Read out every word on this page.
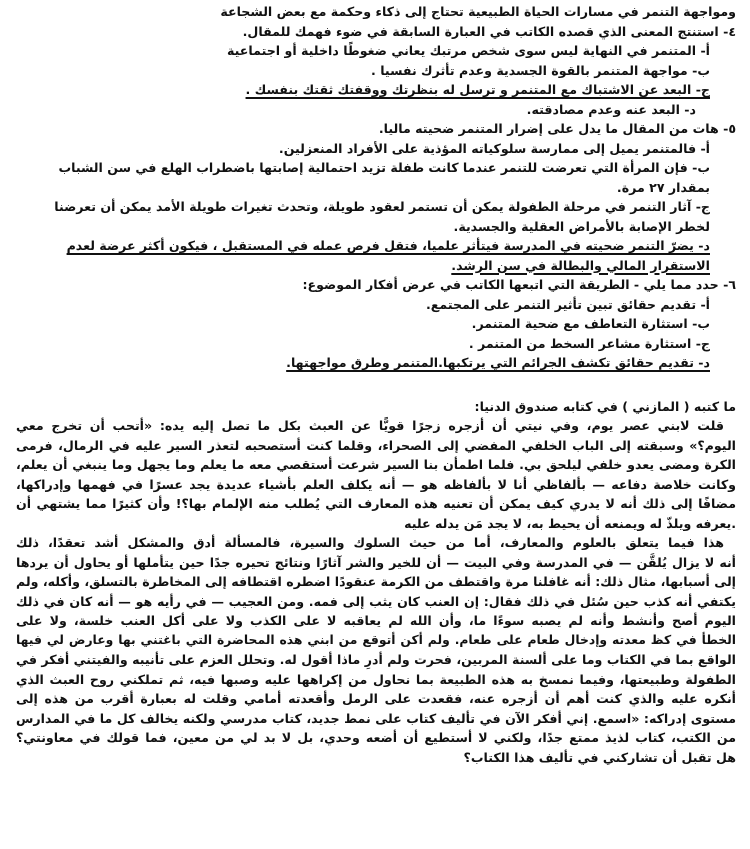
ومواجهة التنمر في مسارات الحياة الطبيعية تحتاج إلى ذكاء وحكمة مع بعض الشجاعة
٤- استنتج المعنى الذي قصده الكاتب في العبارة السابقة في ضوء فهمك للمقال.
أ- المتنمر في النهاية ليس سوى شخص مرتبك يعاني ضغوطًا داخلية أو اجتماعية
ب- مواجهة المتنمر بالقوة الجسدية وعدم تأثرك نفسيا .
ج- البعد عن الاشتباك مع المتنمر و ترسل له بنظرتك ووقفتك ثقتك بنفسك .
د- البعد عنه وعدم مصادقته.
٥- هات من المقال ما يدل على إضرار المتنمر ضحيته ماليا.
أ- فالمتنمر يميل إلى ممارسة سلوكياته المؤذية على الأفراد المنعزلين.
ب- فإن المرأة التي تعرضت للتنمر عندما كانت طفلة تزيد احتمالية إصابتها باضطراب الهلع في سن الشباب
بمقدار ٢٧ مرة.
ج- آثار التنمر في مرحلة الطفولة يمكن أن تستمر لعقود طويلة، وتحدث تغيرات طويلة الأمد يمكن أن تعرضنا
لخطر الإصابة بالأمراض العقلية والجسدية.
د- يضرّ التنمر ضحيته في المدرسة فيتأثر علميا، فتقل فرص عمله في المستقبل ، فيكون أكثر عرضة لعدم
الاستقرار المالي والبطالة في سن الرشد.
٦- حدد مما يلي - الطريقة التي اتبعها الكاتب في عرض أفكار الموضوع:
أ- تقديم حقائق تبين تأثير التنمر على المجتمع.
ب- استثارة التعاطف مع ضحية المتنمر.
ج- استثارة مشاعر السخط من المتنمر .
د- تقديم حقائق تكشف الجرائم التي يرتكبها.المتنمر وطرق مواجهتها.
ما كتبه ( المازني ) في كتابه صندوق الدنيا:
قلت لابني عصر يوم، وفي نيتي أن أزجره زجرًا قويًّا عن العبث بكل ما تصل إليه يده: «أتحب أن تخرج معي
اليوم؟» وسبقته إلى الباب الخلفي المفضي إلى الصحراء، وقلما كنت أستصحبه لتعذر السير عليه في الرمال، فرمى
الكرة ومضى يعدو خلفي ليلحق بي. فلما اطمأن بنا السير شرعت أستقصي معه ما يعلم وما يجهل وما ينبغي أن يعلم،
وكانت خلاصة دفاعه — بألفاظي أنا لا بألفاظه هو — أنه يكلف العلم بأشياء عديدة يجد عسرًا في فهمها وإدراكها،
مضافًا إلى ذلك أنه لا يدري كيف يمكن أن تعنيه هذه المعارف التي يُطلب منه الإلمام بها؟! وأن كثيرًا مما يشتهي أن
.يعرفه ويلذّ له ويمنعه أن يحيط به، لا يجد مَن يدله عليه
هذا فيما يتعلق بالعلوم والمعارف، أما من حيث السلوك والسيرة، فالمسألة أدق والمشكل أشد تعقدًا، ذلك
أنه لا يزال يُلقَّن — في المدرسة وفي البيت — أن للخير والشر آثارًا ونتائج تحيره جدًا حين يتأملها أو يحاول أن يردها
إلى أسبابها، مثال ذلك: أنه غافلنا مرة واقتطف من الكرمة عنقودًا اضطره اقتطافه إلى المخاطرة بالتسلق، وأكله، ولم
يكتفي أنه كذب حين سُئل في ذلك فقال: إن العنب كان يثب إلى فمه. ومن العجيب — في رأيه هو — أنه كان في ذلك
اليوم أصح وأنشط وأنه لم يصبه سوءًا ما، وأن الله لم يعاقبه لا على الكذب ولا على أكل العنب خلسة، ولا على
الخطأ في كظ معدته وإدخال طعام على طعام. ولم أكن أتوقع من ابني هذه المحاضرة التي باغتني بها وعارض لي فيها
الواقع بما في الكتاب وما على ألسنة المربين، فحرت ولم أدرِ ماذا أقول له. وتحلل العزم على تأنيبه والفيتني أفكر في
الطفولة وطبيعتها، وفيما نمسخ به هذه الطبيعة بما نحاول من إكراهها عليه وصبها فيه، ثم تملكني روح العبث الذي
أنكره عليه والذي كنت أهم أن أزجره عنه، فقعدت على الرمل وأقعدته أمامي وقلت له بعبارة أقرب من هذه إلى
مستوى إدراكه: «اسمع. إني أفكر الآن في تأليف كتاب على نمط جديد، كتاب مدرسي ولكنه يخالف كل ما في المدارس
من الكتب، كتاب لذيذ ممتع جدًا، ولكني لا أستطيع أن أضعه وحدي، بل لا بد لي من معين، فما قولك في معاونتي؟
هل تقبل أن تشاركني في تأليف هذا الكتاب؟
